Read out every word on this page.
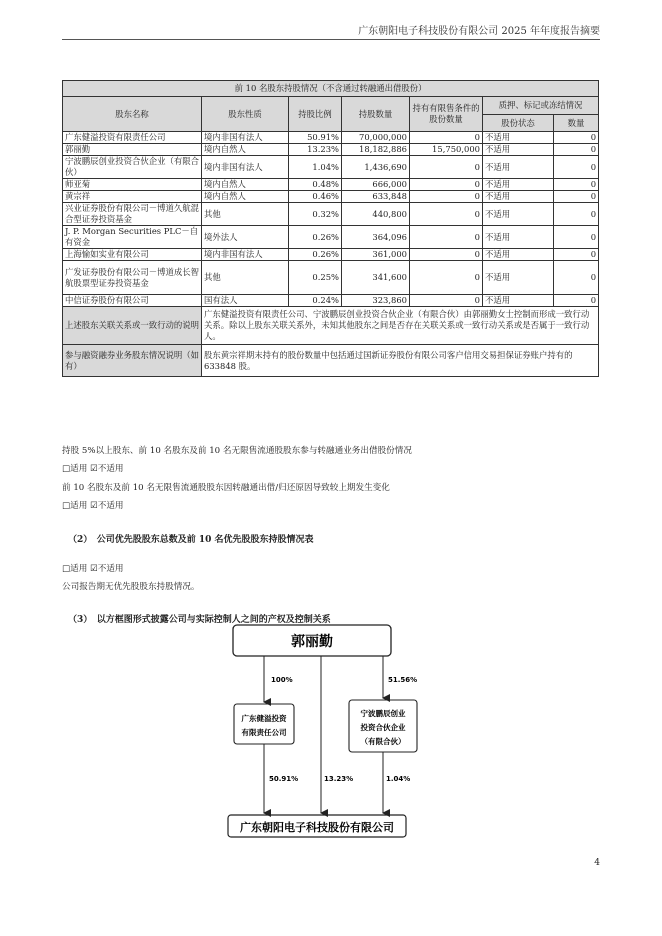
广东朝阳电子科技股份有限公司 2025 年年度报告摘要
前 10 名股东持股情况（不含通过转融通出借股份）						
股东名称	股东性质	持股比例	持股数量	持有有限售条件的股份数量	质押、标记或冻结情况	
					股份状态	数量
广东健溢投资有限责任公司	境内非国有法人	50.91%	70,000,000	0	不适用	0
郭丽勤	境内自然人	13.23%	18,182,886	15,750,000	不适用	0
宁波鹏辰创业投资合伙企业（有限合伙）	境内非国有法人	1.04%	1,436,690	0	不适用	0
师亚菊	境内自然人	0.48%	666,000	0	不适用	0
黄宗祥	境内自然人	0.46%	633,848	0	不适用	0
兴业证券股份有限公司－博道久航混合型证券投资基金	其他	0.32%	440,800	0	不适用	0
J. P. Morgan Securities PLC－自有资金	境外法人	0.26%	364,096	0	不适用	0
上海愉如实业有限公司	境内非国有法人	0.26%	361,000	0	不适用	0
广发证券股份有限公司－博道成长智航股票型证券投资基金	其他	0.25%	341,600	0	不适用	0
中信证券股份有限公司	国有法人	0.24%	323,860	0	不适用	0
上述股东关联关系或一致行动的说明	广东健溢投资有限责任公司、宁波鹏辰创业投资合伙企业（有限合伙）由郭丽勤女士控制而形成一致行动关系。除以上股东关联关系外，未知其他股东之间是否存在关联关系或一致行动关系或是否属于一致行动人。					
参与融资融券业务股东情况说明（如有）	股东黄宗祥期末持有的股份数量中包括通过国新证券股份有限公司客户信用交易担保证券账户持有的 633848 股。					

持股 5%以上股东、前 10 名股东及前 10 名无限售流通股股东参与转融通业务出借股份情况

□适用 ☑不适用

前 10 名股东及前 10 名无限售流通股股东因转融通出借/归还原因导致较上期发生变化

□适用 ☑不适用

（2）　公司优先股股东总数及前 10 名优先股股东持股情况表

□适用 ☑不适用

公司报告期无优先股股东持股情况。

（3）　以方框图形式披露公司与实际控制人之间的产权及控制关系
郭丽勤
广东健溢投资
有限责任公司
宁波鹏辰创业
投资合伙企业
（有限合伙）
广东朝阳电子科技股份有限公司
100%	51.56%
50.91%	13.23%	1.04%
4
